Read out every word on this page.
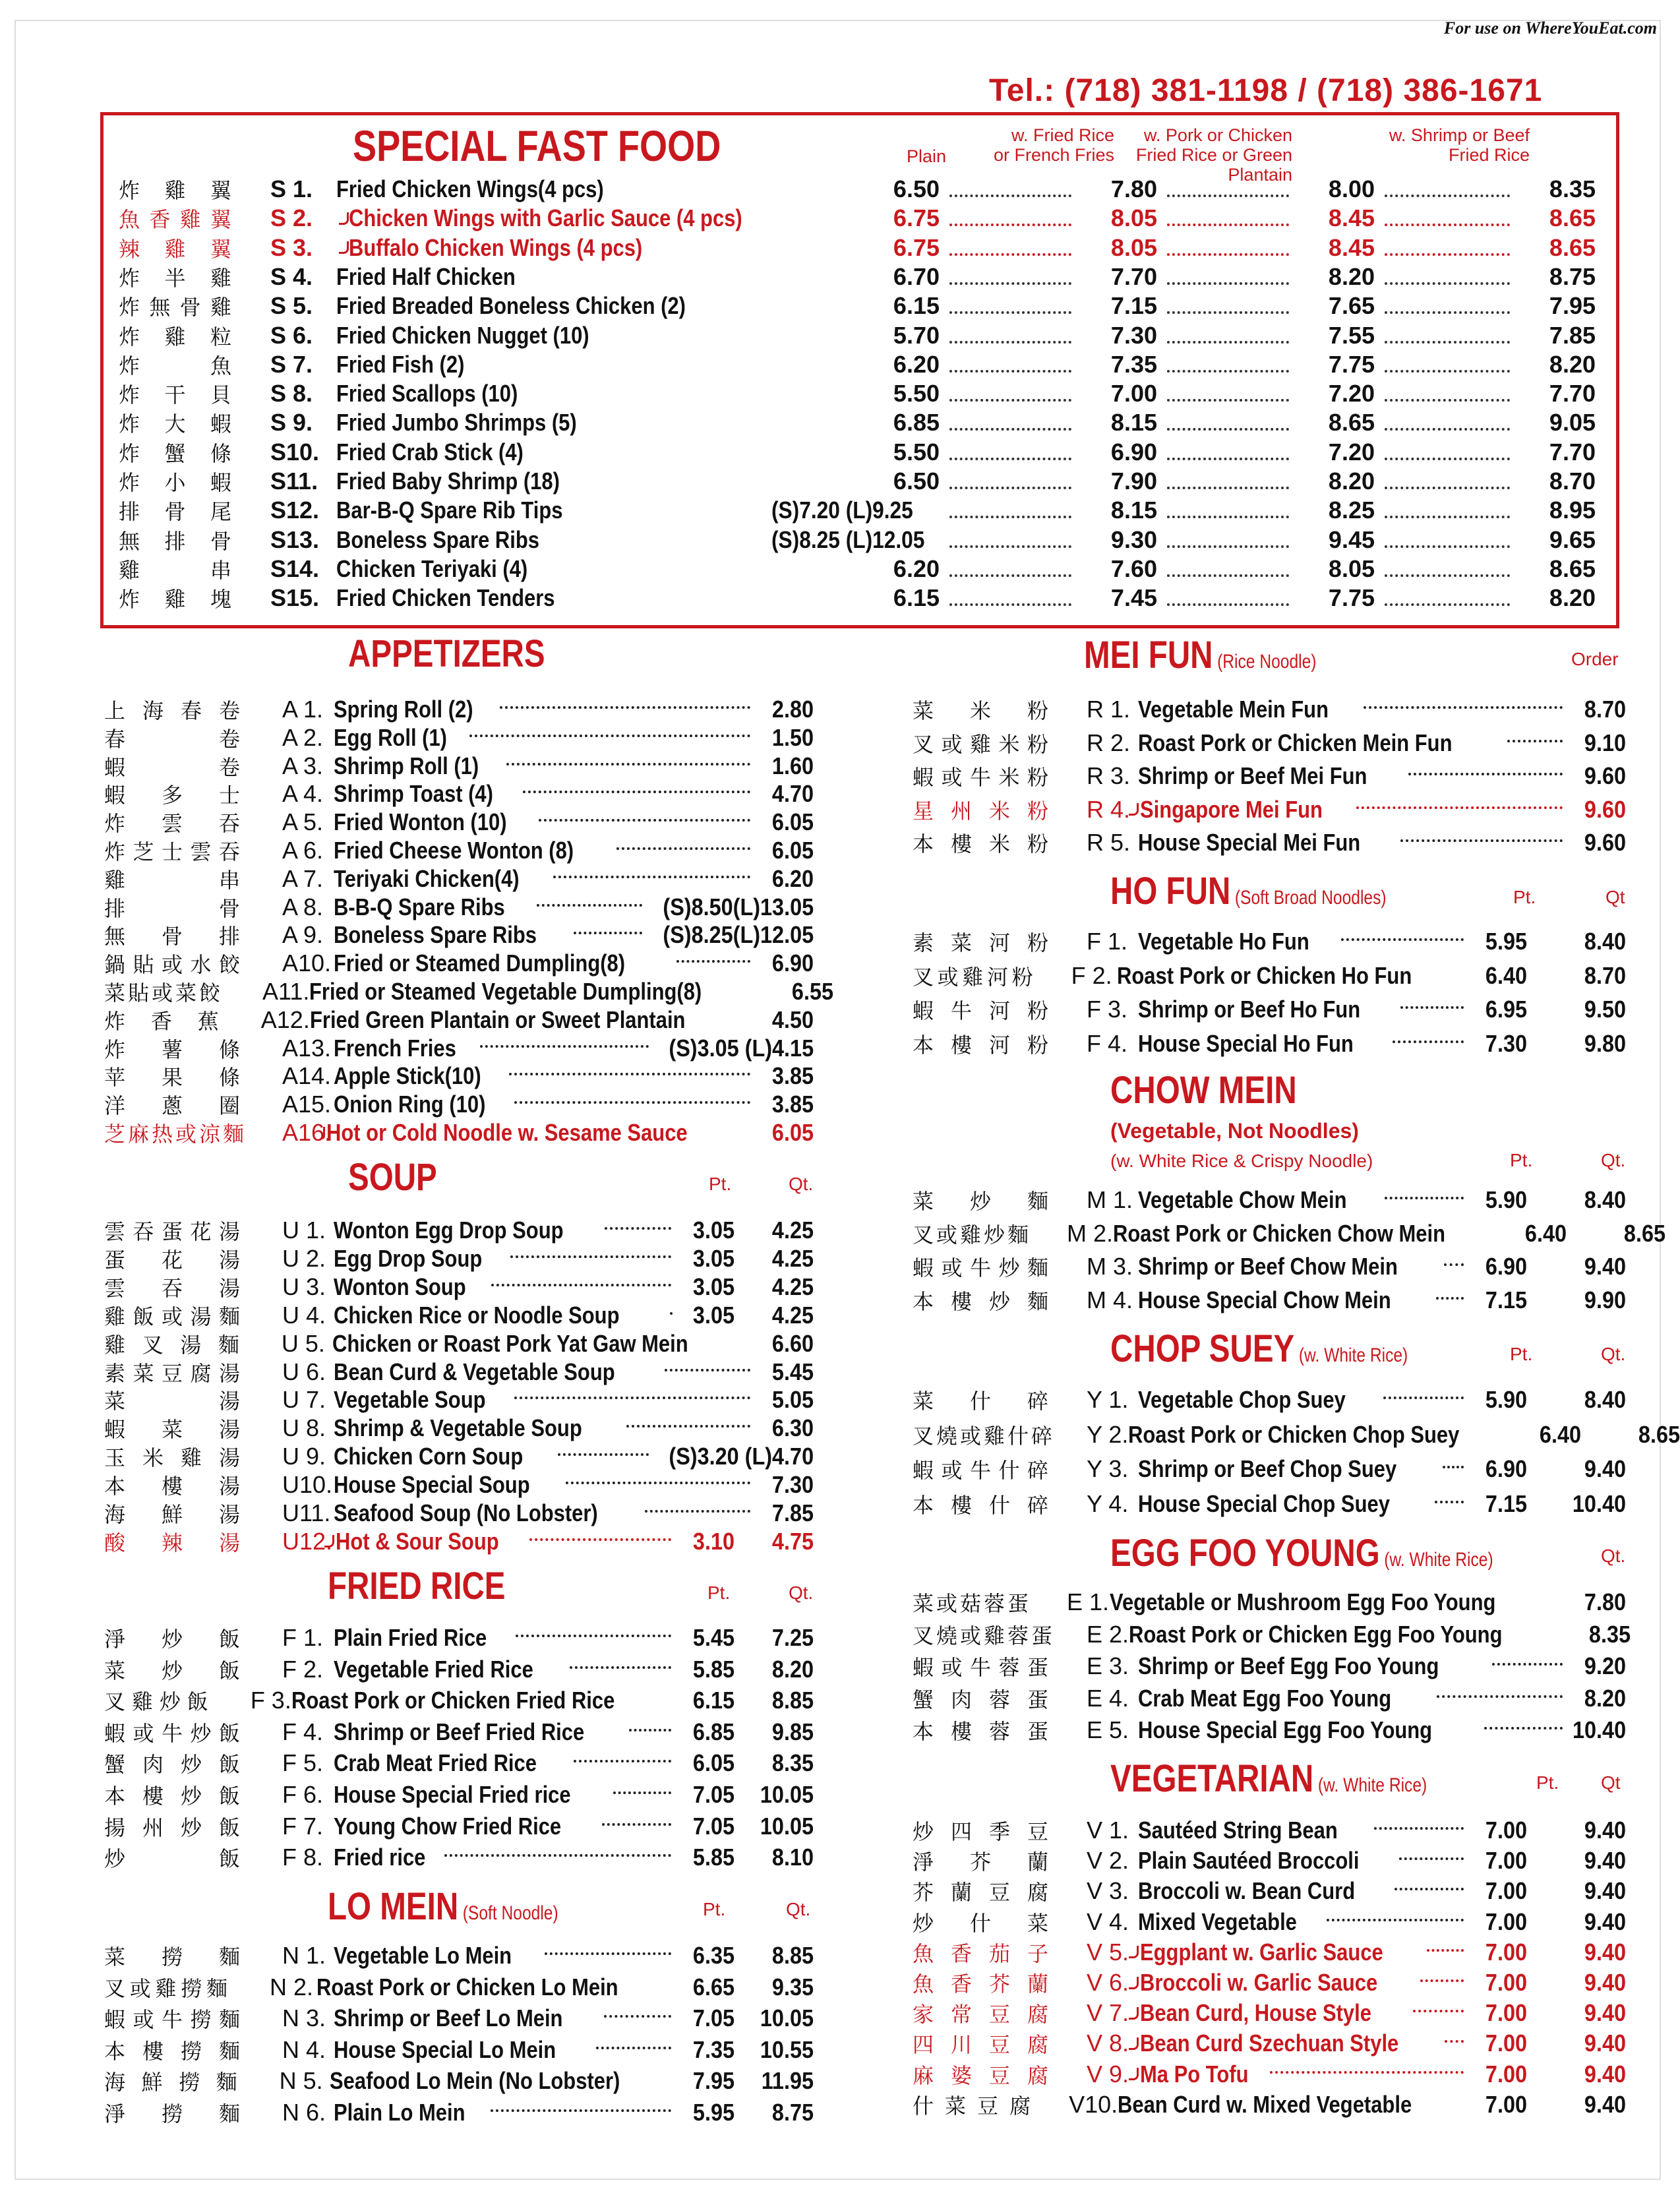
For use on WhereYouEat.com
Tel.: (718) 381-1198 / (718) 386-1671
SPECIAL FAST FOOD	Plain
w. Fried Rice
or French Fries
w. Pork or Chicken
Fried Rice or Green Plantain
w. Shrimp or Beef
Fried Rice
炸雞翼 S 1. Fried Chicken Wings(4 pcs)	6.50	7.80	8.00	8.35
魚香雞翼 S 2.	Chicken Wings with Garlic Sauce (4 pcs)	6.75	8.05	8.45	8.65
辣雞翼 S 3.	Buffalo Chicken Wings (4 pcs)	6.75	8.05	8.45	8.65
炸半雞 S 4. Fried Half Chicken	6.70	7.70	8.20	8.75
炸無骨雞 S 5. Fried Breaded Boneless Chicken (2)	6.15	7.15	7.65	7.95
炸雞粒 S 6. Fried Chicken Nugget (10)	5.70	7.30	7.55	7.85
炸魚 S 7. Fried Fish (2)	6.20	7.35	7.75	8.20
炸干貝 S 8. Fried Scallops (10)	5.50	7.00	7.20	7.70
炸大蝦 S 9. Fried Jumbo Shrimps (5)	6.85	8.15	8.65	9.05
炸蟹條 S10. Fried Crab Stick (4)	5.50	6.90	7.20	7.70
炸小蝦 S11. Fried Baby Shrimp (18)	6.50	7.90	8.20	8.70
排骨尾 S12. Bar-B-Q Spare Rib Tips	(S)7.20 (L)9.25	8.15	8.25	8.95
無排骨 S13. Boneless Spare Ribs	(S)8.25 (L)12.05	9.30	9.45	9.65
雞串 S14. Chicken Teriyaki (4)	6.20	7.60	8.05	8.65
炸雞塊 S15. Fried Chicken Tenders	6.15	7.45	7.75	8.20
APPETIZERS
上海春卷 A 1. Spring Roll (2)	2.80
春卷 A 2. Egg Roll (1)	1.50
蝦卷 A 3. Shrimp Roll (1)	1.60
蝦多士 A 4. Shrimp Toast (4)	4.70
炸雲吞 A 5. Fried Wonton (10)	6.05
炸芝士雲吞 A 6. Fried Cheese Wonton (8)	6.05
雞串 A 7. Teriyaki Chicken(4)	6.20
排骨 A 8. B-B-Q Spare Ribs	(S)8.50(L)13.05
無骨排 A 9. Boneless Spare Ribs	(S)8.25(L)12.05
鍋貼或水餃 A10. Fried or Steamed Dumpling(8)	6.90
菜貼或菜餃 A11. Fried or Steamed Vegetable Dumpling(8)	6.55
炸香蕉 A12. Fried Green Plantain or Sweet Plantain	4.50
炸薯條 A13. French Fries	(S)3.05 (L)4.15
苹果條 A14. Apple Stick(10)	3.85
洋蔥圈 A15. Onion Ring (10)	3.85
芝麻热或涼麵 A16.
Hot or Cold Noodle w. Sesame Sauce	6.05
SOUP	Pt.	Qt.
雲吞蛋花湯 U 1. Wonton Egg Drop Soup	3.05	4.25
蛋花湯 U 2. Egg Drop Soup	3.05	4.25
雲吞湯 U 3. Wonton Soup	3.05	4.25
雞飯或湯麵 U 4. Chicken Rice or Noodle Soup	3.05	4.25
雞叉湯麵 U 5. Chicken or Roast Pork Yat Gaw Mein	6.60
素菜豆腐湯 U 6. Bean Curd & Vegetable Soup	5.45
菜湯 U 7. Vegetable Soup	5.05
蝦菜湯 U 8. Shrimp & Vegetable Soup	6.30
玉米雞湯 U 9. Chicken Corn Soup	(S)3.20 (L)4.70
本樓湯 U10. House Special Soup	7.30
海鮮湯 U11. Seafood Soup (No Lobster)	7.85
酸辣湯 U12. Hot & Sour Soup	3.10	4.75
FRIED RICE	Pt.	Qt.
淨炒飯 F 1. Plain Fried Rice	5.45	7.25
菜炒飯 F 2. Vegetable Fried Rice	5.85	8.20
叉雞炒飯 F 3. Roast Pork or Chicken Fried Rice	6.15	8.85
蝦或牛炒飯 F 4. Shrimp or Beef Fried Rice	6.85	9.85
蟹肉炒飯 F 5. Crab Meat Fried Rice	6.05	8.35
本樓炒飯 F 6. House Special Fried rice	7.05	10.05
揚州炒飯 F 7. Young Chow Fried Rice	7.05	10.05
炒飯 F 8. Fried rice	5.85	8.10
LO MEIN (Soft Noodle)	Pt.	Qt.
菜撈麵 N 1. Vegetable Lo Mein	6.35	8.85
叉或雞撈麵 N 2. Roast Pork or Chicken Lo Mein	6.65	9.35
蝦或牛撈麵 N 3. Shrimp or Beef Lo Mein	7.05	10.05
本樓撈麵 N 4. House Special Lo Mein	7.35	10.55
海鮮撈麵 N 5. Seafood Lo Mein (No Lobster)	7.95	11.95
淨撈麵 N 6. Plain Lo Mein	5.95	8.75
MEI FUN (Rice Noodle)	Order
菜米粉 R 1. Vegetable Mein Fun	8.70
叉或雞米粉 R 2. Roast Pork or Chicken Mein Fun	9.10
蝦或牛米粉 R 3. Shrimp or Beef Mei Fun	9.60
星州米粉 R 4. Singapore Mei Fun	9.60
本樓米粉 R 5. House Special Mei Fun	9.60
HO FUN (Soft Broad Noodles)	Pt.	Qt
素菜河粉 F 1. Vegetable Ho Fun	5.95	8.40
叉或雞河粉 F 2. Roast Pork or Chicken Ho Fun	6.40	8.70
蝦牛河粉 F 3. Shrimp or Beef Ho Fun	6.95	9.50
本樓河粉 F 4. House Special Ho Fun	7.30	9.80
CHOW MEIN
(Vegetable, Not Noodles)
(w. White Rice & Crispy Noodle)	Pt.	Qt.
菜炒麵 M 1. Vegetable Chow Mein	5.90	8.40
叉或雞炒麵 M 2. Roast Pork or Chicken Chow Mein	6.40	8.65
蝦或牛炒麵 M 3. Shrimp or Beef Chow Mein	6.90	9.40
本樓炒麵 M 4. House Special Chow Mein	7.15	9.90
CHOP SUEY (w. White Rice)	Pt.	Qt.
菜什碎 Y 1. Vegetable Chop Suey	5.90	8.40
叉燒或雞什碎 Y 2. Roast Pork or Chicken Chop Suey	6.40	8.65
蝦或牛什碎 Y 3. Shrimp or Beef Chop Suey	6.90	9.40
本樓什碎 Y 4. House Special Chop Suey	7.15	10.40
EGG FOO YOUNG (w. White Rice)	Qt.
菜或菇蓉蛋 E 1. Vegetable or Mushroom Egg Foo Young	7.80
叉燒或雞蓉蛋 E 2. Roast Pork or Chicken Egg Foo Young	8.35
蝦或牛蓉蛋 E 3. Shrimp or Beef Egg Foo Young	9.20
蟹肉蓉蛋 E 4. Crab Meat Egg Foo Young	8.20
本樓蓉蛋 E 5. House Special Egg Foo Young	10.40
VEGETARIAN (w. White Rice)	Pt. Qt
炒四季豆 V 1. Sautéed String Bean	7.00	9.40
淨芥蘭 V 2. Plain Sautéed Broccoli	7.00	9.40
芥蘭豆腐 V 3. Broccoli w. Bean Curd	7.00	9.40
炒什菜 V 4. Mixed Vegetable	7.00	9.40
魚香茄子 V 5. Eggplant w. Garlic Sauce	7.00	9.40
魚香芥蘭 V 6. Broccoli w. Garlic Sauce	7.00	9.40
家常豆腐 V 7. Bean Curd, House Style	7.00	9.40
四川豆腐 V 8. Bean Curd Szechuan Style	7.00	9.40
麻婆豆腐 V 9. Ma Po Tofu	7.00	9.40
什菜豆腐 V10. Bean Curd w. Mixed Vegetable	7.00	9.40
